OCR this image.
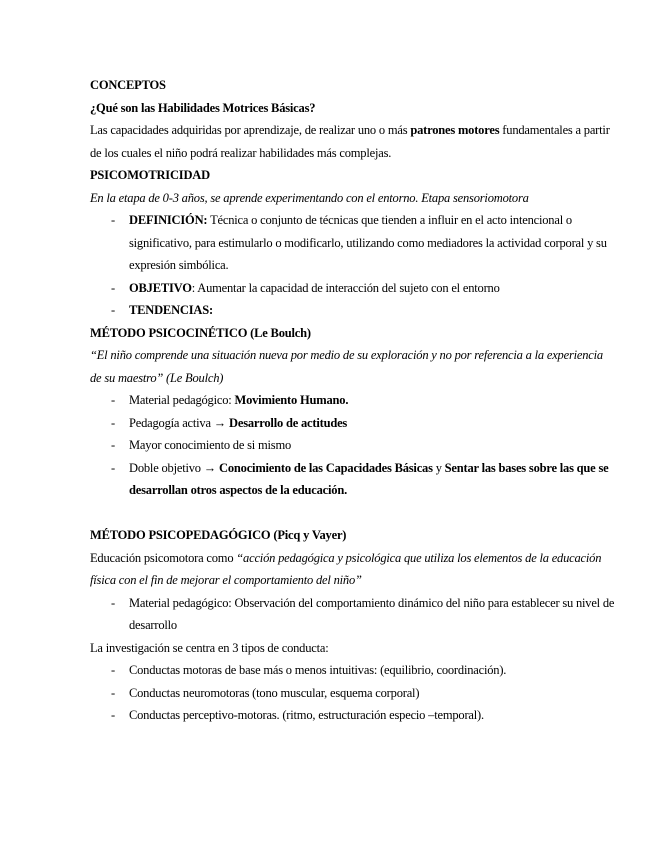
CONCEPTOS

¿Qué son las Habilidades Motrices Básicas?

Las capacidades adquiridas por aprendizaje, de realizar uno o más patrones motores fundamentales a partir de los cuales el niño podrá realizar habilidades más complejas.

PSICOMOTRICIDAD

En la etapa de 0-3 años, se aprende experimentando con el entorno. Etapa sensoriomotora

- DEFINICIÓN: Técnica o conjunto de técnicas que tienden a influir en el acto intencional o significativo, para estimularlo o modificarlo, utilizando como mediadores la actividad corporal y su expresión simbólica.
- OBJETIVO: Aumentar la capacidad de interacción del sujeto con el entorno
- TENDENCIAS:

MÉTODO PSICOCINÉTICO (Le Boulch)

“El niño comprende una situación nueva por medio de su exploración y no por referencia a la experiencia de su maestro” (Le Boulch)

- Material pedagógico: Movimiento Humano.
- Pedagogía activa → Desarrollo de actitudes
- Mayor conocimiento de si mismo
- Doble objetivo → Conocimiento de las Capacidades Básicas y Sentar las bases sobre las que se desarrollan otros aspectos de la educación.

MÉTODO PSICOPEDAGÓGICO (Picq y Vayer)

Educación psicomotora como “acción pedagógica y psicológica que utiliza los elementos de la educación física con el fin de mejorar el comportamiento del niño”

- Material pedagógico: Observación del comportamiento dinámico del niño para establecer su nivel de desarrollo

La investigación se centra en 3 tipos de conducta:

- Conductas motoras de base más o menos intuitivas: (equilibrio, coordinación).
- Conductas neuromotoras (tono muscular, esquema corporal)
- Conductas perceptivo-motoras. (ritmo, estructuración especio –temporal).
